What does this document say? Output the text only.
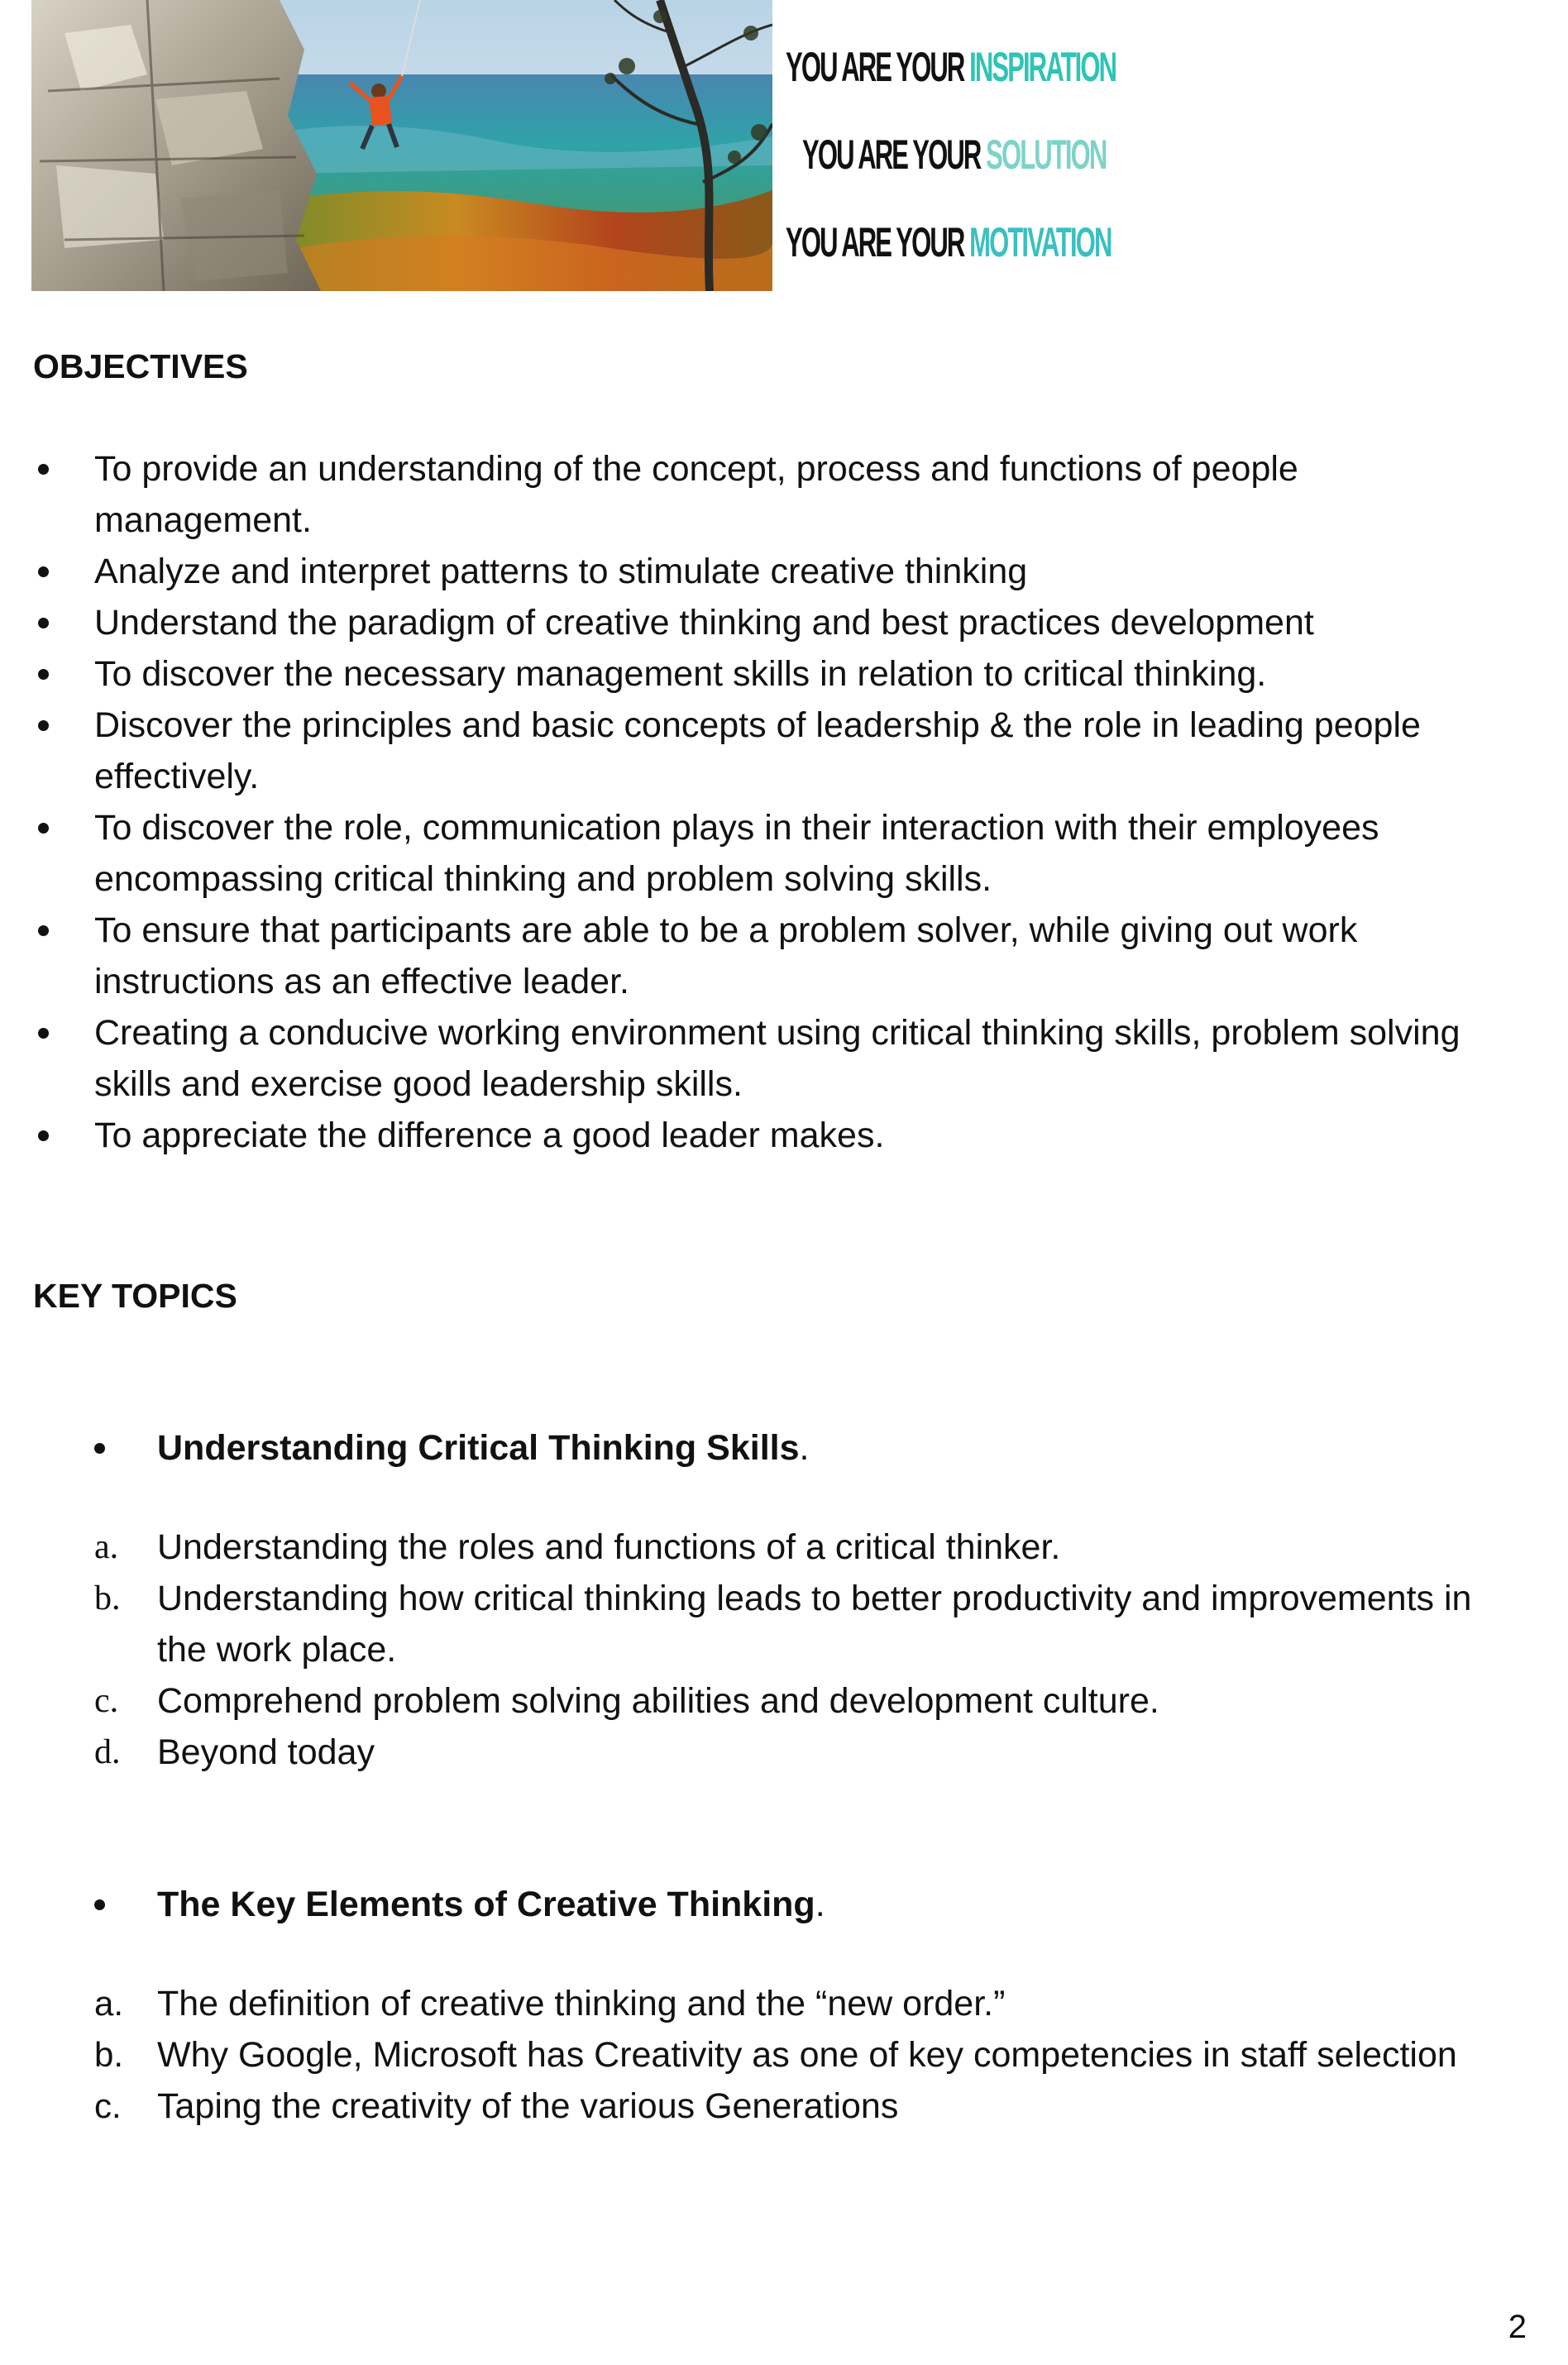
YOU ARE YOUR INSPIRATION
YOU ARE YOUR SOLUTION
YOU ARE YOUR MOTIVATION
OBJECTIVES
To provide an understanding of the concept, process and functions of people management.
Analyze and interpret patterns to stimulate creative thinking
Understand the paradigm of creative thinking and best practices development
To discover the necessary management skills in relation to critical thinking.
Discover the principles and basic concepts of leadership & the role in leading people effectively.
To discover the role, communication plays in their interaction with their employees encompassing critical thinking and problem solving skills.
To ensure that participants are able to be a problem solver, while giving out work instructions as an effective leader.
Creating a conducive working environment using critical thinking skills, problem solving skills and exercise good leadership skills.
To appreciate the difference a good leader makes.
KEY TOPICS
Understanding Critical Thinking Skills.
a. Understanding the roles and functions of a critical thinker.
b. Understanding how critical thinking leads to better productivity and improvements in the work place.
c. Comprehend problem solving abilities and development culture.
d. Beyond today
The Key Elements of Creative Thinking.
a. The definition of creative thinking and the “new order.”
b. Why Google, Microsoft has Creativity as one of key competencies in staff selection
c. Taping the creativity of the various Generations
2
